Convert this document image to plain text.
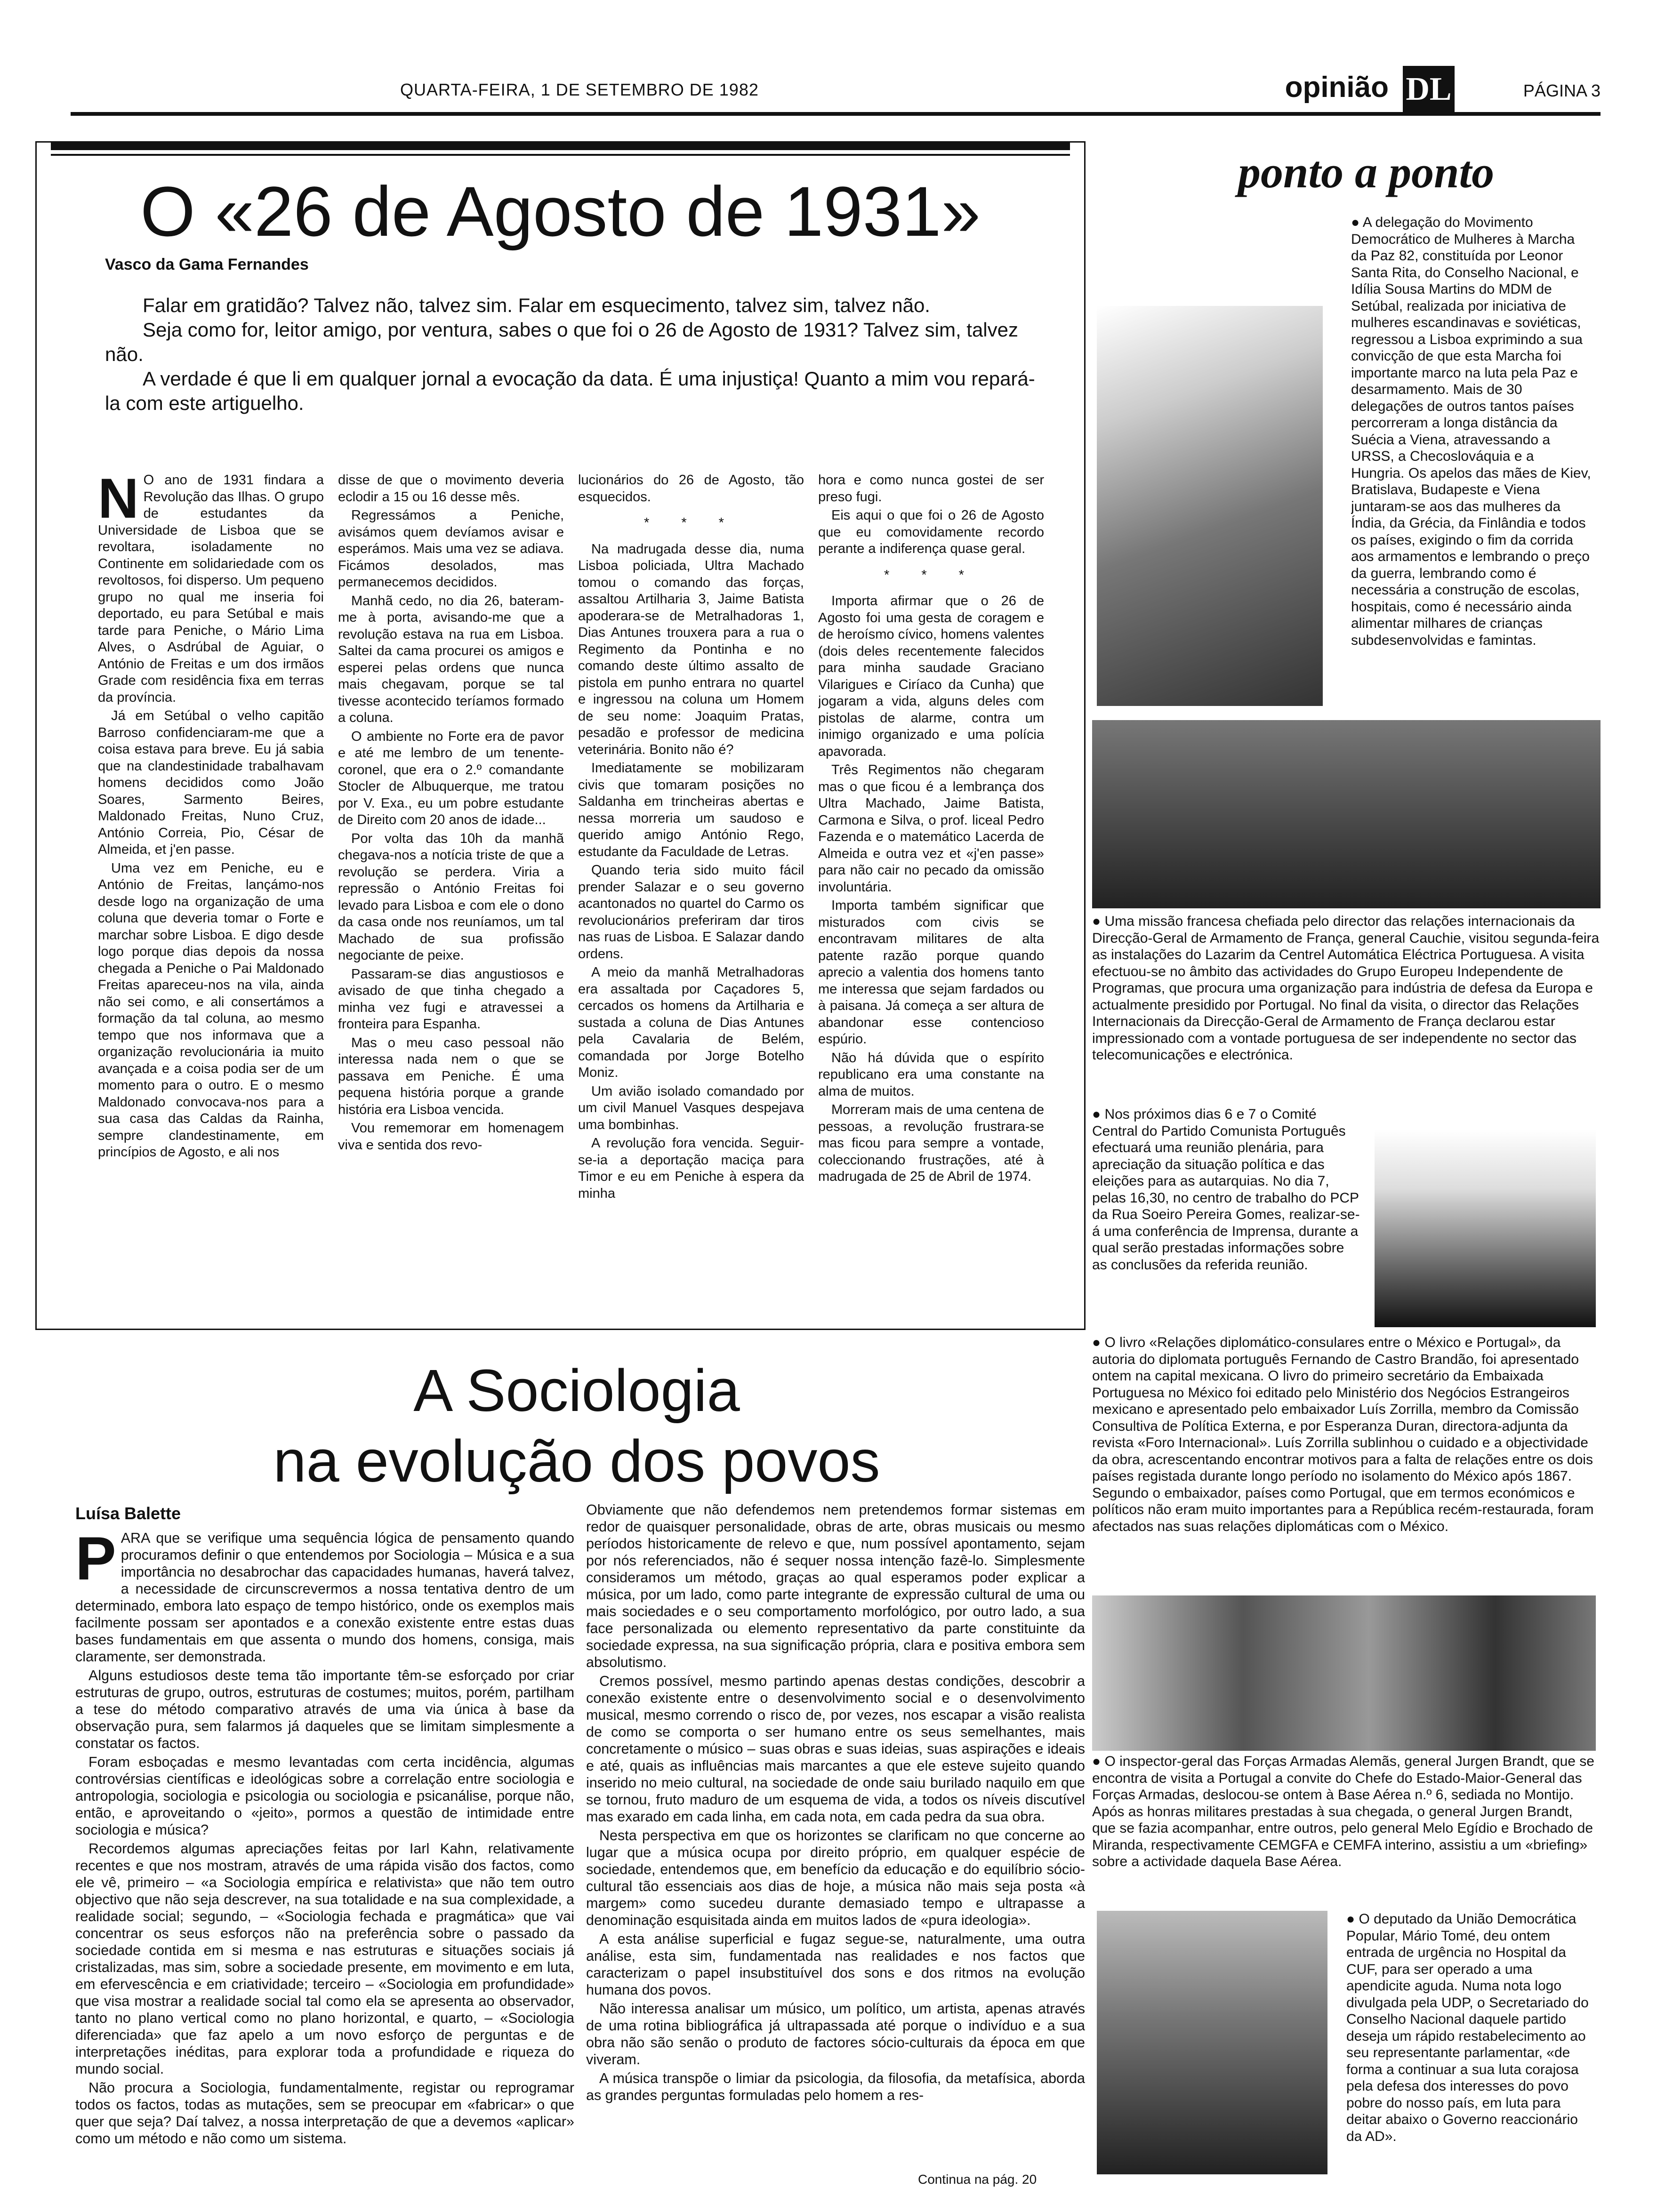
QUARTA-FEIRA, 1 DE SETEMBRO DE 1982	opinião DL	PÁGINA 3
O «26 de Agosto de 1931»
Vasco da Gama Fernandes
Falar em gratidão? Talvez não, talvez sim. Falar em esquecimento, talvez sim, talvez não.
Seja como for, leitor amigo, por ventura, sabes o que foi o 26 de Agosto de 1931? Talvez sim, talvez não.
A verdade é que li em qualquer jornal a evocação da data. É uma injustiça! Quanto a mim vou repará-la com este artiguelho.
N O ano de 1931 findara a Revolução das Ilhas. O grupo de estudantes da Universidade de Lisboa que se revoltara, isoladamente no Continente em solidariedade com os revoltosos, foi disperso. Um pequeno grupo no qual me inseria foi deportado, eu para Setúbal e mais tarde para Peniche, o Mário Lima Alves, o Asdrúbal de Aguiar, o António de Freitas e um dos irmãos Grade com residência fixa em terras da província.

Já em Setúbal o velho capitão Barroso confidenciaram-me que a coisa estava para breve. Eu já sabia que na clandestinidade trabalhavam homens decididos como João Soares, Sarmento Beires, Maldonado Freitas, Nuno Cruz, António Correia, Pio, César de Almeida, et j'en passe.

Uma vez em Peniche, eu e António de Freitas, lançámo-nos desde logo na organização de uma coluna que deveria tomar o Forte e marchar sobre Lisboa. E digo desde logo porque dias depois da nossa chegada a Peniche o Pai Maldonado Freitas apareceu-nos na vila, ainda não sei como, e ali consertámos a formação da tal coluna, ao mesmo tempo que nos informava que a organização revolucionária ia muito avançada e a coisa podia ser de um momento para o outro. E o mesmo Maldonado convocava-nos para a sua casa das Caldas da Rainha, sempre clandestinamente, em princípios de Agosto, e ali nos

disse de que o movimento deveria eclodir a 15 ou 16 desse mês.

Regressámos a Peniche, avisámos quem devíamos avisar e esperámos. Mais uma vez se adiava. Ficámos desolados, mas permanecemos decididos.

Manhã cedo, no dia 26, bateram-me à porta, avisando-me que a revolução estava na rua em Lisboa. Saltei da cama procurei os amigos e esperei pelas ordens que nunca mais chegavam, porque se tal tivesse acontecido teríamos formado a coluna.

O ambiente no Forte era de pavor e até me lembro de um tenente-coronel, que era o 2.º comandante Stocler de Albuquerque, me tratou por V. Exa., eu um pobre estudante de Direito com 20 anos de idade...

Por volta das 10h da manhã chegava-nos a notícia triste de que a revolução se perdera. Viria a repressão o António Freitas foi levado para Lisboa e com ele o dono da casa onde nos reuníamos, um tal Machado de sua profissão negociante de peixe.

Passaram-se dias angustiosos e avisado de que tinha chegado a minha vez fugi e atravessei a fronteira para Espanha.

Mas o meu caso pessoal não interessa nada nem o que se passava em Peniche. É uma pequena história porque a grande história era Lisboa vencida.

Vou rememorar em homenagem viva e sentida dos revo-

lucionários do 26 de Agosto, tão esquecidos.

* * *

Na madrugada desse dia, numa Lisboa policiada, Ultra Machado tomou o comando das forças, assaltou Artilharia 3, Jaime Batista apoderara-se de Metralhadoras 1, Dias Antunes trouxera para a rua o Regimento da Pontinha e no comando deste último assalto de pistola em punho entrara no quartel e ingressou na coluna um Homem de seu nome: Joaquim Pratas, pesadão e professor de medicina veterinária. Bonito não é?

Imediatamente se mobilizaram civis que tomaram posições no Saldanha em trincheiras abertas e nessa morreria um saudoso e querido amigo António Rego, estudante da Faculdade de Letras.

Quando teria sido muito fácil prender Salazar e o seu governo acantonados no quartel do Carmo os revolucionários preferiram dar tiros nas ruas de Lisboa. E Salazar dando ordens.

A meio da manhã Metralhadoras era assaltada por Caçadores 5, cercados os homens da Artilharia e sustada a coluna de Dias Antunes pela Cavalaria de Belém, comandada por Jorge Botelho Moniz.

Um avião isolado comandado por um civil Manuel Vasques despejava uma bombinhas.

A revolução fora vencida. Seguir-se-ia a deportação maciça para Timor e eu em Peniche à espera da minha

hora e como nunca gostei de ser preso fugi.

Eis aqui o que foi o 26 de Agosto que eu comovidamente recordo perante a indiferença quase geral.

* * *

Importa afirmar que o 26 de Agosto foi uma gesta de coragem e de heroísmo cívico, homens valentes (dois deles recentemente falecidos para minha saudade Graciano Vilarigues e Ciríaco da Cunha) que jogaram a vida, alguns deles com pistolas de alarme, contra um inimigo organizado e uma polícia apavorada.

Três Regimentos não chegaram mas o que ficou é a lembrança dos Ultra Machado, Jaime Batista, Carmona e Silva, o prof. liceal Pedro Fazenda e o matemático Lacerda de Almeida e outra vez et «j'en passe» para não cair no pecado da omissão involuntária.

Importa também significar que misturados com civis se encontravam militares de alta patente razão porque quando aprecio a valentia dos homens tanto me interessa que sejam fardados ou à paisana. Já começa a ser altura de abandonar esse contencioso espúrio.

Não há dúvida que o espírito republicano era uma constante na alma de muitos.

Morreram mais de uma centena de pessoas, a revolução frustrara-se mas ficou para sempre a vontade, coleccionando frustrações, até à madrugada de 25 de Abril de 1974.

A Sociologia
na evolução dos povos
Luísa Balette
P ARA que se verifique uma sequência lógica de pensamento quando procuramos definir o que entendemos por Sociologia – Música e a sua importância no desabrochar das capacidades humanas, haverá talvez, a necessidade de circunscrevermos a nossa tentativa dentro de um determinado, embora lato espaço de tempo histórico, onde os exemplos mais facilmente possam ser apontados e a conexão existente entre estas duas bases fundamentais em que assenta o mundo dos homens, consiga, mais claramente, ser demonstrada.

Alguns estudiosos deste tema tão importante têm-se esforçado por criar estruturas de grupo, outros, estruturas de costumes; muitos, porém, partilham a tese do método comparativo através de uma via única à base da observação pura, sem falarmos já daqueles que se limitam simplesmente a constatar os factos.

Foram esboçadas e mesmo levantadas com certa incidência, algumas controvérsias científicas e ideológicas sobre a correlação entre sociologia e antropologia, sociologia e psicologia ou sociologia e psicanálise, porque não, então, e aproveitando o «jeito», pormos a questão de intimidade entre sociologia e música?

Recordemos algumas apreciações feitas por Iarl Kahn, relativamente recentes e que nos mostram, através de uma rápida visão dos factos, como ele vê, primeiro – «a Sociologia empírica e relativista» que não tem outro objectivo que não seja descrever, na sua totalidade e na sua complexidade, a realidade social; segundo, – «Sociologia fechada e pragmática» que vai concentrar os seus esforços não na preferência sobre o passado da sociedade contida em si mesma e nas estruturas e situações sociais já cristalizadas, mas sim, sobre a sociedade presente, em movimento e em luta, em efervescência e em criatividade; terceiro – «Sociologia em profundidade» que visa mostrar a realidade social tal como ela se apresenta ao observador, tanto no plano vertical como no plano horizontal, e quarto, – «Sociologia diferenciada» que faz apelo a um novo esforço de perguntas e de interpretações inéditas, para explorar toda a profundidade e riqueza do mundo social.

Não procura a Sociologia, fundamentalmente, registar ou reprogramar todos os factos, todas as mutações, sem se preocupar em «fabricar» o que quer que seja? Daí talvez, a nossa interpretação de que a devemos «aplicar» como um método e não como um sistema.

Obviamente que não defendemos nem pretendemos formar sistemas em redor de quaisquer personalidade, obras de arte, obras musicais ou mesmo períodos historicamente de relevo e que, num possível apontamento, sejam por nós referenciados, não é sequer nossa intenção fazê-lo. Simplesmente consideramos um método, graças ao qual esperamos poder explicar a música, por um lado, como parte integrante de expressão cultural de uma ou mais sociedades e o seu comportamento morfológico, por outro lado, a sua face personalizada ou elemento representativo da parte constituinte da sociedade expressa, na sua significação própria, clara e positiva embora sem absolutismo.

Cremos possível, mesmo partindo apenas destas condições, descobrir a conexão existente entre o desenvolvimento social e o desenvolvimento musical, mesmo correndo o risco de, por vezes, nos escapar a visão realista de como se comporta o ser humano entre os seus semelhantes, mais concretamente o músico – suas obras e suas ideias, suas aspirações e ideais e até, quais as influências mais marcantes a que ele esteve sujeito quando inserido no meio cultural, na sociedade de onde saiu burilado naquilo em que se tornou, fruto maduro de um esquema de vida, a todos os níveis discutível mas exarado em cada linha, em cada nota, em cada pedra da sua obra.

Nesta perspectiva em que os horizontes se clarificam no que concerne ao lugar que a música ocupa por direito próprio, em qualquer espécie de sociedade, entendemos que, em benefício da educação e do equilíbrio sócio-cultural tão essenciais aos dias de hoje, a música não mais seja posta «à margem» como sucedeu durante demasiado tempo e ultrapasse a denominação esquisitada ainda em muitos lados de «pura ideologia».

A esta análise superficial e fugaz segue-se, naturalmente, uma outra análise, esta sim, fundamentada nas realidades e nos factos que caracterizam o papel insubstituível dos sons e dos ritmos na evolução humana dos povos.

Não interessa analisar um músico, um político, um artista, apenas através de uma rotina bibliográfica já ultrapassada até porque o indivíduo e a sua obra não são senão o produto de factores sócio-culturais da época em que viveram.

A música transpõe o limiar da psicologia, da filosofia, da metafísica, aborda as grandes perguntas formuladas pelo homem a res-

Continua na pág. 20
ponto a ponto

● A delegação do Movimento Democrático de Mulheres à Marcha da Paz 82, constituída por Leonor Santa Rita, do Conselho Nacional, e Idília Sousa Martins do MDM de Setúbal, realizada por iniciativa de mulheres escandinavas e soviéticas, regressou a Lisboa exprimindo a sua convicção de que esta Marcha foi importante marco na luta pela Paz e desarmamento. Mais de 30 delegações de outros tantos países percorreram a longa distância da Suécia a Viena, atravessando a URSS, a Checoslováquia e a Hungria. Os apelos das mães de Kiev, Bratislava, Budapeste e Viena juntaram-se aos das mulheres da Índia, da Grécia, da Finlândia e todos os países, exigindo o fim da corrida aos armamentos e lembrando o preço da guerra, lembrando como é necessária a construção de escolas, hospitais, como é necessário ainda alimentar milhares de crianças subdesenvolvidas e famintas.

● Uma missão francesa chefiada pelo director das relações internacionais da Direcção-Geral de Armamento de França, general Cauchie, visitou segunda-feira as instalações do Lazarim da Centrel Automática Eléctrica Portuguesa. A visita efectuou-se no âmbito das actividades do Grupo Europeu Independente de Programas, que procura uma organização para indústria de defesa da Europa e actualmente presidido por Portugal. No final da visita, o director das Relações Internacionais da Direcção-Geral de Armamento de França declarou estar impressionado com a vontade portuguesa de ser independente no sector das telecomunicações e electrónica.

● Nos próximos dias 6 e 7 o Comité Central do Partido Comunista Português efectuará uma reunião plenária, para apreciação da situação política e das eleições para as autarquias. No dia 7, pelas 16,30, no centro de trabalho do PCP da Rua Soeiro Pereira Gomes, realizar-se-á uma conferência de Imprensa, durante a qual serão prestadas informações sobre as conclusões da referida reunião.

● O livro «Relações diplomático-consulares entre o México e Portugal», da autoria do diplomata português Fernando de Castro Brandão, foi apresentado ontem na capital mexicana. O livro do primeiro secretário da Embaixada Portuguesa no México foi editado pelo Ministério dos Negócios Estrangeiros mexicano e apresentado pelo embaixador Luís Zorrilla, membro da Comissão Consultiva de Política Externa, e por Esperanza Duran, directora-adjunta da revista «Foro Internacional». Luís Zorrilla sublinhou o cuidado e a objectividade da obra, acrescentando encontrar motivos para a falta de relações entre os dois países registada durante longo período no isolamento do México após 1867. Segundo o embaixador, países como Portugal, que em termos económicos e políticos não eram muito importantes para a República recém-restaurada, foram afectados nas suas relações diplomáticas com o México.

● O inspector-geral das Forças Armadas Alemãs, general Jurgen Brandt, que se encontra de visita a Portugal a convite do Chefe do Estado-Maior-General das Forças Armadas, deslocou-se ontem à Base Aérea n.º 6, sediada no Montijo. Após as honras militares prestadas à sua chegada, o general Jurgen Brandt, que se fazia acompanhar, entre outros, pelo general Melo Egídio e Brochado de Miranda, respectivamente CEMGFA e CEMFA interino, assistiu a um «briefing» sobre a actividade daquela Base Aérea.

● O deputado da União Democrática Popular, Mário Tomé, deu ontem entrada de urgência no Hospital da CUF, para ser operado a uma apendicite aguda. Numa nota logo divulgada pela UDP, o Secretariado do Conselho Nacional daquele partido deseja um rápido restabelecimento ao seu representante parlamentar, «de forma a continuar a sua luta corajosa pela defesa dos interesses do povo pobre do nosso país, em luta para deitar abaixo o Governo reaccionário da AD».
